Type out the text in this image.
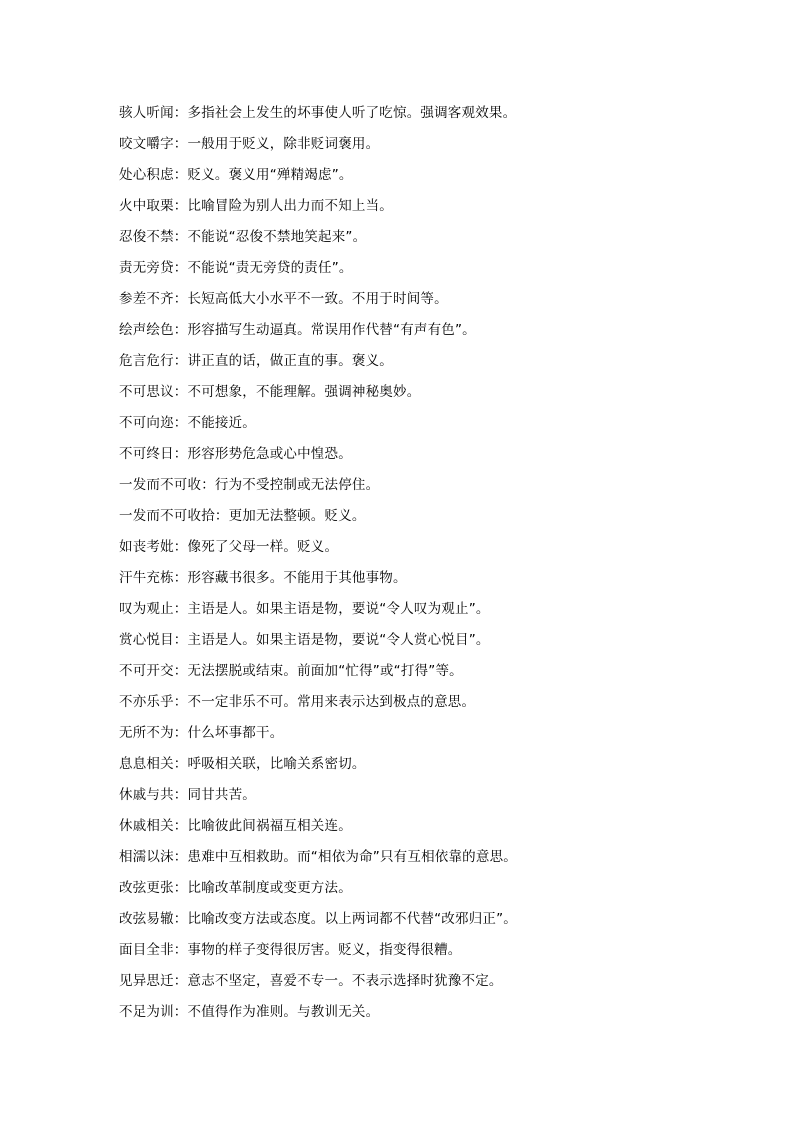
骇人听闻：多指社会上发生的坏事使人听了吃惊。强调客观效果。
咬文嚼字：一般用于贬义，除非贬词褒用。
处心积虑：贬义。褒义用“殚精竭虑”。
火中取栗：比喻冒险为别人出力而不知上当。
忍俊不禁：不能说“忍俊不禁地笑起来”。
责无旁贷：不能说“责无旁贷的责任”。
参差不齐：长短高低大小水平不一致。不用于时间等。
绘声绘色：形容描写生动逼真。常误用作代替“有声有色”。
危言危行：讲正直的话，做正直的事。褒义。
不可思议：不可想象，不能理解。强调神秘奥妙。
不可向迩：不能接近。
不可终日：形容形势危急或心中惶恐。
一发而不可收：行为不受控制或无法停住。
一发而不可收拾：更加无法整顿。贬义。
如丧考妣：像死了父母一样。贬义。
汗牛充栋：形容藏书很多。不能用于其他事物。
叹为观止：主语是人。如果主语是物，要说“令人叹为观止”。
赏心悦目：主语是人。如果主语是物，要说“令人赏心悦目”。
不可开交：无法摆脱或结束。前面加“忙得”或“打得”等。
不亦乐乎：不一定非乐不可。常用来表示达到极点的意思。
无所不为：什么坏事都干。
息息相关：呼吸相关联，比喻关系密切。
休戚与共：同甘共苦。
休戚相关：比喻彼此间祸福互相关连。
相濡以沫：患难中互相救助。而“相依为命”只有互相依靠的意思。
改弦更张：比喻改革制度或变更方法。
改弦易辙：比喻改变方法或态度。以上两词都不代替“改邪归正”。
面目全非：事物的样子变得很厉害。贬义，指变得很糟。
见异思迁：意志不坚定，喜爱不专一。不表示选择时犹豫不定。
不足为训：不值得作为准则。与教训无关。
